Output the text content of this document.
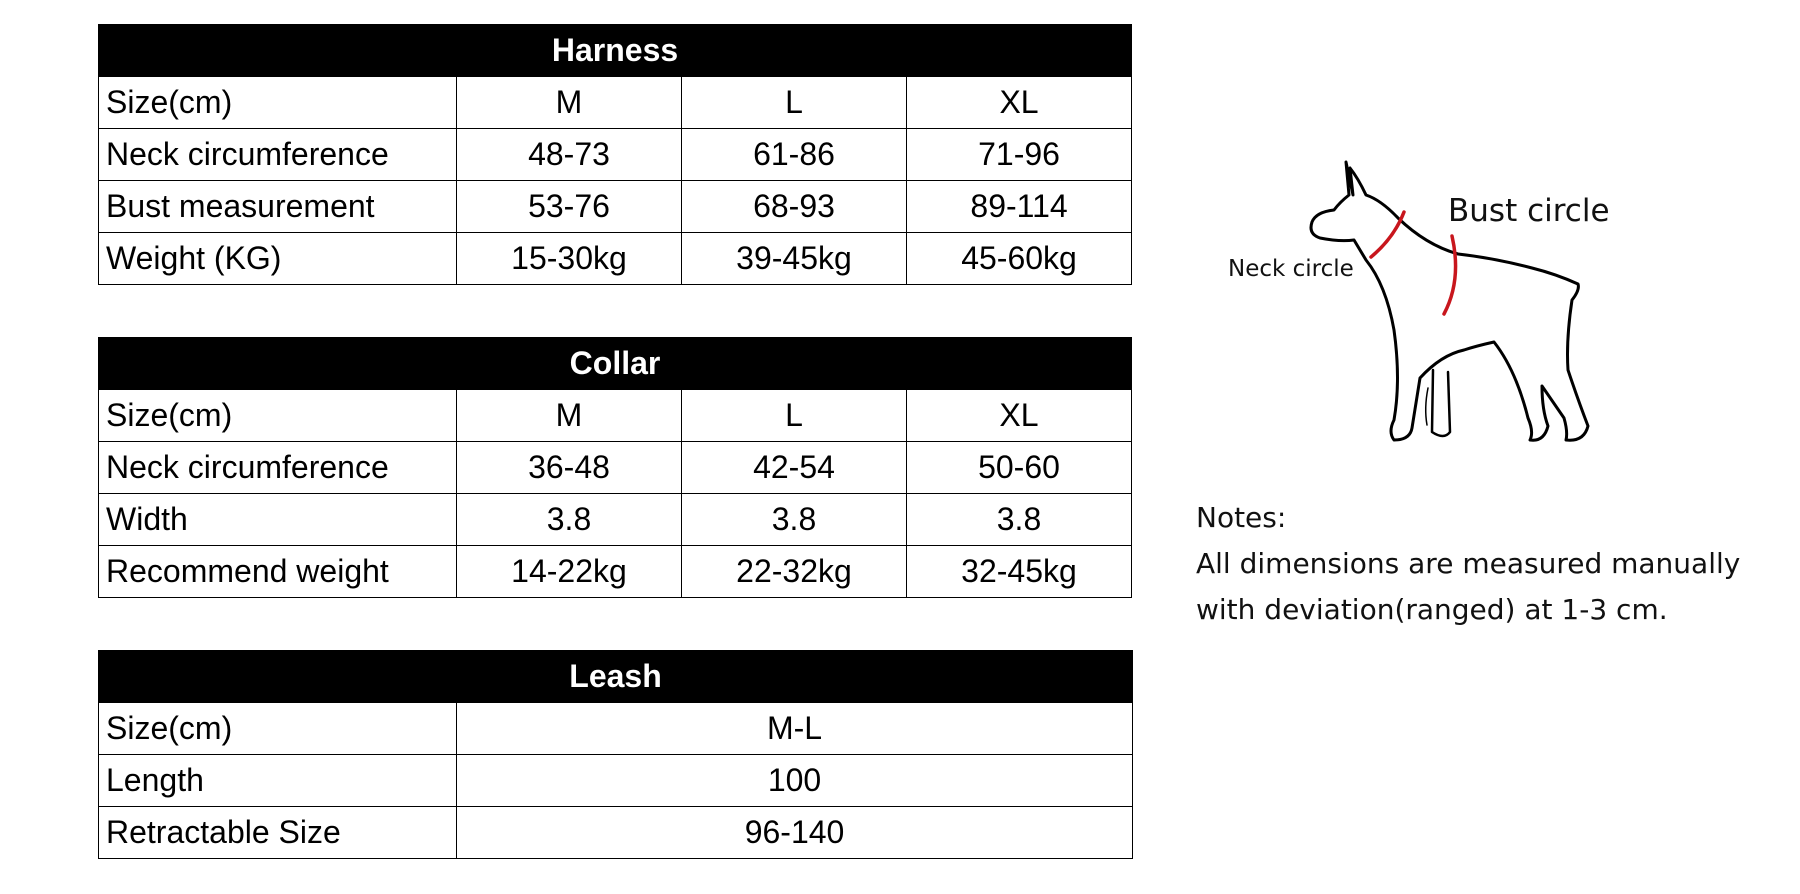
Harness			
Size(cm)	M	L	XL
Neck circumference	48-73	61-86	71-96
Bust measurement	53-76	68-93	89-114
Weight (KG)	15-30kg	39-45kg	45-60kg
Collar			
Size(cm)	M	L	XL
Neck circumference	36-48	42-54	50-60
Width	3.8	3.8	3.8
Recommend weight	14-22kg	22-32kg	32-45kg
Leash	
Size(cm)	M-L
Length	100
Retractable Size	96-140
Neck circle
Bust circle
Notes:
All dimensions are measured manually
with deviation(ranged) at 1-3 cm.
